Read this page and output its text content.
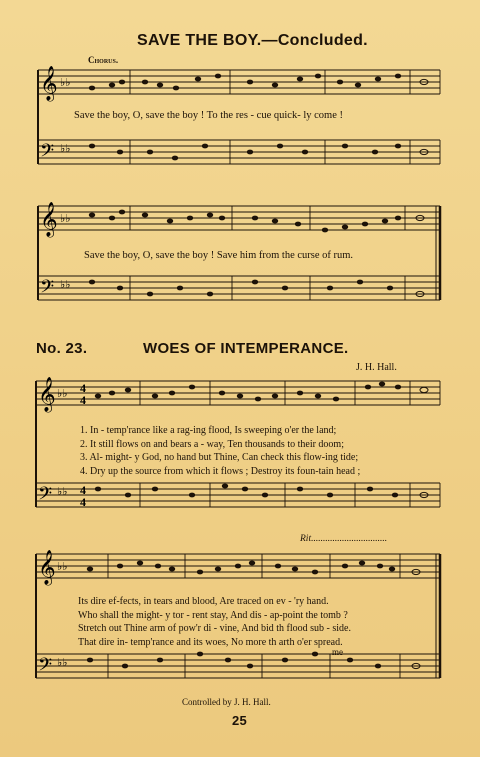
SAVE THE BOY.—Concluded.
Chorus.
𝄞
𝄢
♭♭
♭♭
Save the boy, O, save the boy ! To the res - cue quick- ly come !
𝄞
𝄢
♭♭
♭♭
Save the boy, O, save the boy ! Save him from the curse of rum.
No. 23.	WOES OF INTEMPERANCE.
J. H. Hall.
𝄞
𝄢
♭♭
♭♭
4
4
4
4
1. In - temp'rance like a rag-ing flood, Is sweeping o'er the land;
2. It still flows on and bears a - way, Ten thousands to their doom;
3. Al- might- y God, no hand but Thine, Can check this flow-ing tide;
4. Dry up the source from which it flows ; Destroy its foun-tain head ;
Rit................................
𝄞
𝄢
♭♭
♭♭
Its dire ef-fects, in tears and blood, Are traced on ev - 'ry hand.
Who shall the might- y tor - rent stay, And dis - ap-point the tomb ?
Stretch out Thine arm of pow'r di - vine, And bid th flood sub - side.
That dire in- temp'rance and its woes, No more th arth o'er spread.
me
Controlled by J. H. Hall.
25
